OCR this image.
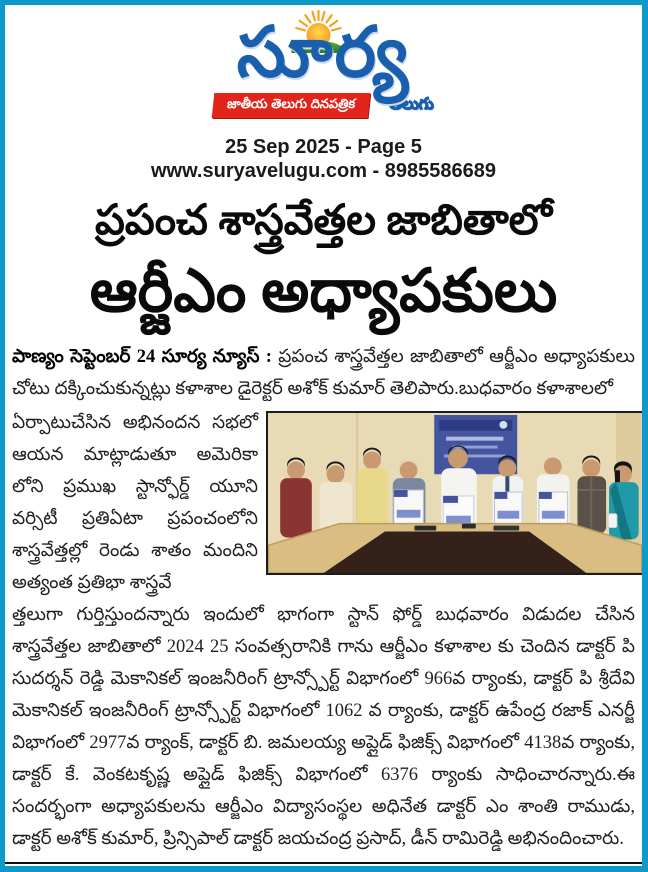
సూర్య
జాతీయ తెలుగు దినపత్రిక	తెలుగు
25 Sep 2025 - Page 5
www.suryavelugu.com - 8985586689
ప్రపంచ శాస్త్రవేత్తల జాబితాలో
ఆర్జీఎం అధ్యాపకులు

పాణ్యం సెప్టెంబర్ 24 సూర్య న్యూస్ : ప్రపంచ శాస్త్రవేత్తల జాబితాలో ఆర్జీఎం అధ్యాపకులు చోటు దక్కించుకున్నట్లు కళాశాల డైరెక్టర్ అశోక్ కుమార్ తెలిపారు.బుధవారం కళాశాలలో

ఏర్పాటుచేసిన అభినందన సభలో ఆయన మాట్లాడుతూ అమెరికా లోని ప్రముఖ స్టాన్ఫోర్డ్ యూని వర్సిటీ ప్రతిఏటా ప్రపంచంలోని శాస్త్రవేత్తల్లో రెండు శాతం మందిని అత్యంత ప్రతిభా శాస్త్రవే

త్తలుగా గుర్తిస్తుందన్నారు ఇందులో భాగంగా స్టాన్ ఫోర్డ్ బుధవారం విడుదల చేసిన శాస్త్రవేత్తల జాబితాలో 2024 25 సంవత్సరానికి గాను ఆర్జీఎం కళాశాల కు చెందిన డాక్టర్ పి సుదర్శన్ రెడ్డి మెకానికల్ ఇంజనీరింగ్ ట్రాన్స్పోర్ట్ విభాగంలో 966వ ర్యాంకు, డాక్టర్ పి శ్రీదేవి మెకానికల్ ఇంజనీరింగ్ ట్రాన్స్పోర్ట్ విభాగంలో 1062 వ ర్యాంకు, డాక్టర్ ఉపేంద్ర రజాక్ ఎనర్జీ విభాగంలో 2977వ ర్యాంక్, డాక్టర్ బి. జమలయ్య అప్లైడ్ ఫిజిక్స్ విభాగంలో 4138వ ర్యాంకు, డాక్టర్ కే. వెంకటకృష్ణ అప్లైడ్ ఫిజిక్స్ విభాగంలో 6376 ర్యాంకు సాధించారన్నారు.ఈ సందర్భంగా అధ్యాపకులను ఆర్జీఎం విద్యాసంస్థల అధినేత డాక్టర్ ఎం శాంతి రాముడు, డాక్టర్ అశోక్ కుమార్, ప్రిన్సిపాల్ డాక్టర్ జయచంద్ర ప్రసాద్, డీన్ రామిరెడ్డి అభినందించారు.
